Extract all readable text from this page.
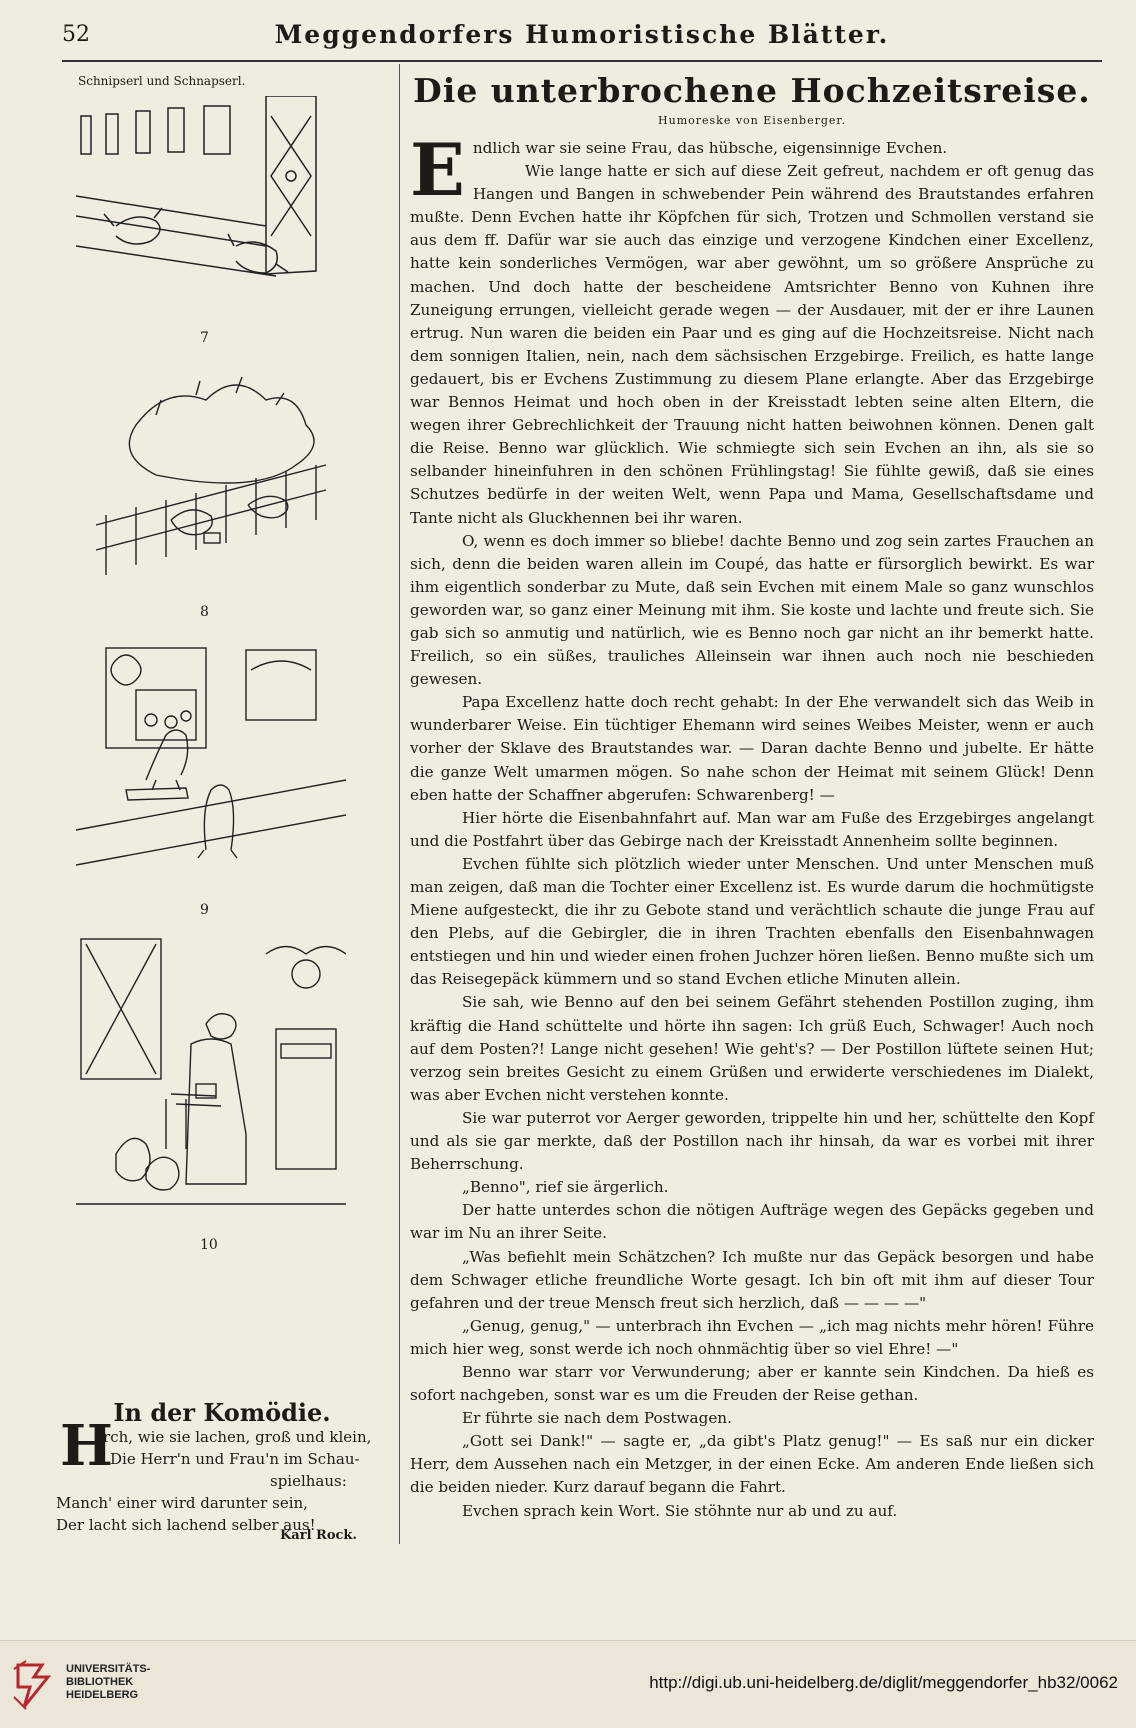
52	Meggendorfers Humoristische Blätter.
Schnipserl und Schnapserl.
7
8
9
10
In der Komödie.
H
orch, wie sie lachen, groß und klein,
Die Herr'n und Frau'n im Schau-
spielhaus:
Manch' einer wird darunter sein,
Der lacht sich lachend selber aus!
Karl Rock.
Die unterbrochene Hochzeitsreise.
Humoreske von Eisenberger.

Endlich war sie seine Frau, das hübsche, eigensinnige Evchen.

Wie lange hatte er sich auf diese Zeit gefreut, nachdem er oft genug das Hangen und Bangen in schwebender Pein während des Brautstandes erfahren mußte. Denn Evchen hatte ihr Köpfchen für sich, Trotzen und Schmollen verstand sie aus dem ff. Dafür war sie auch das einzige und verzogene Kindchen einer Excellenz, hatte kein sonderliches Vermögen, war aber gewöhnt, um so größere Ansprüche zu machen. Und doch hatte der bescheidene Amtsrichter Benno von Kuhnen ihre Zuneigung errungen, vielleicht gerade wegen — der Ausdauer, mit der er ihre Launen ertrug. Nun waren die beiden ein Paar und es ging auf die Hochzeitsreise. Nicht nach dem sonnigen Italien, nein, nach dem sächsischen Erzgebirge. Freilich, es hatte lange gedauert, bis er Evchens Zustimmung zu diesem Plane erlangte. Aber das Erzgebirge war Bennos Heimat und hoch oben in der Kreisstadt lebten seine alten Eltern, die wegen ihrer Gebrechlichkeit der Trauung nicht hatten beiwohnen können. Denen galt die Reise. Benno war glücklich. Wie schmiegte sich sein Evchen an ihn, als sie so selbander hineinfuhren in den schönen Frühlingstag! Sie fühlte gewiß, daß sie eines Schutzes bedürfe in der weiten Welt, wenn Papa und Mama, Gesellschaftsdame und Tante nicht als Gluckhennen bei ihr waren.

O, wenn es doch immer so bliebe! dachte Benno und zog sein zartes Frauchen an sich, denn die beiden waren allein im Coupé, das hatte er fürsorglich bewirkt. Es war ihm eigentlich sonderbar zu Mute, daß sein Evchen mit einem Male so ganz wunschlos geworden war, so ganz einer Meinung mit ihm. Sie koste und lachte und freute sich. Sie gab sich so anmutig und natürlich, wie es Benno noch gar nicht an ihr bemerkt hatte. Freilich, so ein süßes, trauliches Alleinsein war ihnen auch noch nie beschieden gewesen.

Papa Excellenz hatte doch recht gehabt: In der Ehe verwandelt sich das Weib in wunderbarer Weise. Ein tüchtiger Ehemann wird seines Weibes Meister, wenn er auch vorher der Sklave des Brautstandes war. — Daran dachte Benno und jubelte. Er hätte die ganze Welt umarmen mögen. So nahe schon der Heimat mit seinem Glück! Denn eben hatte der Schaffner abgerufen: Schwarenberg! —

Hier hörte die Eisenbahnfahrt auf. Man war am Fuße des Erzgebirges angelangt und die Postfahrt über das Gebirge nach der Kreisstadt Annenheim sollte beginnen.

Evchen fühlte sich plötzlich wieder unter Menschen. Und unter Menschen muß man zeigen, daß man die Tochter einer Excellenz ist. Es wurde darum die hochmütigste Miene aufgesteckt, die ihr zu Gebote stand und verächtlich schaute die junge Frau auf den Plebs, auf die Gebirgler, die in ihren Trachten ebenfalls den Eisenbahnwagen entstiegen und hin und wieder einen frohen Juchzer hören ließen. Benno mußte sich um das Reisegepäck kümmern und so stand Evchen etliche Minuten allein.

Sie sah, wie Benno auf den bei seinem Gefährt stehenden Postillon zuging, ihm kräftig die Hand schüttelte und hörte ihn sagen: Ich grüß Euch, Schwager! Auch noch auf dem Posten?! Lange nicht gesehen! Wie geht's? — Der Postillon lüftete seinen Hut; verzog sein breites Gesicht zu einem Grüßen und erwiderte verschiedenes im Dialekt, was aber Evchen nicht verstehen konnte.

Sie war puterrot vor Aerger geworden, trippelte hin und her, schüttelte den Kopf und als sie gar merkte, daß der Postillon nach ihr hinsah, da war es vorbei mit ihrer Beherrschung.

„Benno", rief sie ärgerlich.

Der hatte unterdes schon die nötigen Aufträge wegen des Gepäcks gegeben und war im Nu an ihrer Seite.

„Was befiehlt mein Schätzchen? Ich mußte nur das Gepäck besorgen und habe dem Schwager etliche freundliche Worte gesagt. Ich bin oft mit ihm auf dieser Tour gefahren und der treue Mensch freut sich herzlich, daß — — — —"

„Genug, genug," — unterbrach ihn Evchen — „ich mag nichts mehr hören! Führe mich hier weg, sonst werde ich noch ohnmächtig über so viel Ehre! —"

Benno war starr vor Verwunderung; aber er kannte sein Kindchen. Da hieß es sofort nachgeben, sonst war es um die Freuden der Reise gethan.

Er führte sie nach dem Postwagen.

„Gott sei Dank!" — sagte er, „da gibt's Platz genug!" — Es saß nur ein dicker Herr, dem Aussehen nach ein Metzger, in der einen Ecke. Am anderen Ende ließen sich die beiden nieder. Kurz darauf begann die Fahrt.

Evchen sprach kein Wort. Sie stöhnte nur ab und zu auf.

UNIVERSITÄTS-
BIBLIOTHEK
HEIDELBERG
http://digi.ub.uni-heidelberg.de/diglit/meggendorfer_hb32/0062
